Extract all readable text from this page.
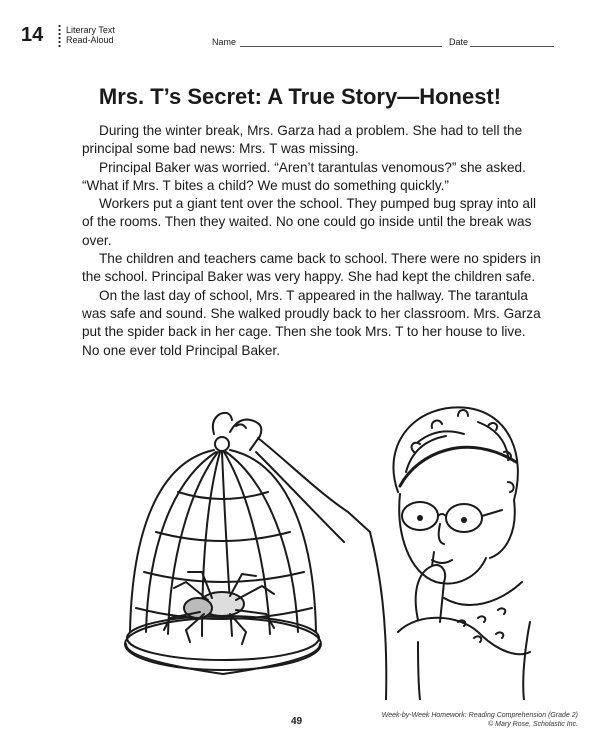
14	Literary Text
Read-Aloud	Name	Date
Mrs. T’s Secret: A True Story—Honest!

During the winter break, Mrs. Garza had a problem. She had to tell the principal some bad news: Mrs. T was missing.

Principal Baker was worried. “Aren’t tarantulas venomous?” she asked. “What if Mrs. T bites a child? We must do something quickly.”

Workers put a giant tent over the school. They pumped bug spray into all of the rooms. Then they waited. No one could go inside until the break was over.

The children and teachers came back to school. There were no spiders in the school. Principal Baker was very happy. She had kept the children safe.

On the last day of school, Mrs. T appeared in the hallway. The tarantula was safe and sound. She walked proudly back to her classroom. Mrs. Garza put the spider back in her cage. Then she took Mrs. T to her house to live. No one ever told Principal Baker.

49
Week-by-Week Homework: Reading Comprehension (Grade 2)
© Mary Rose, Scholastic Inc.
